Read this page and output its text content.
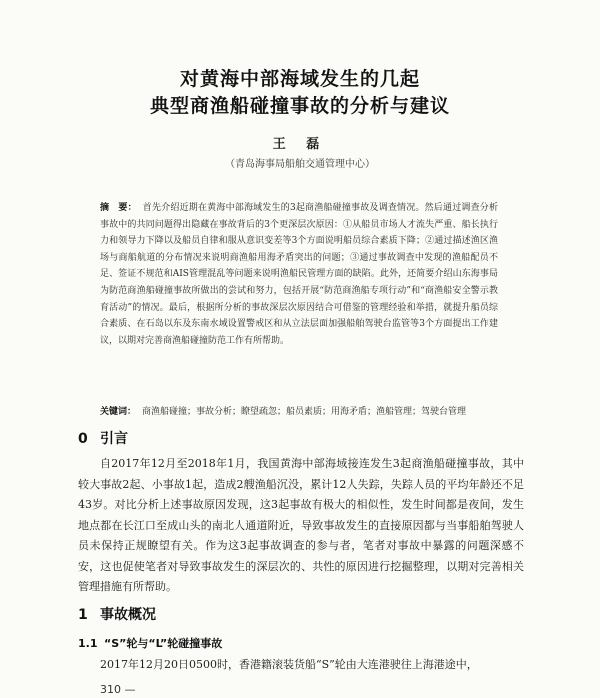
对黄海中部海域发生的几起
典型商渔船碰撞事故的分析与建议
王 磊
（青岛海事局船舶交通管理中心）
摘　要： 首先介绍近期在黄海中部海域发生的3起商渔船碰撞事故及调查情况。然后通过调查分析事故中的共同问题得出隐藏在事故背后的3个更深层次原因：①从船员市场人才流失严重、船长执行力和领导力下降以及船员自律和服从意识变差等3个方面说明船员综合素质下降；②通过描述渔区渔场与商船航道的分布情况来说明商渔船用海矛盾突出的问题；③通过事故调查中发现的渔船配员不足、签证不规范和AIS管理混乱等问题来说明渔船民管理方面的缺陷。此外，还简要介绍山东海事局为防范商渔船碰撞事故所做出的尝试和努力，包括开展“防范商渔船专项行动”和“商渔船安全警示教育活动”的情况。最后，根据所分析的事故深层次原因结合可借鉴的管理经验和举措，就提升船员综合素质、在石岛以东及东南水域设置警戒区和从立法层面加强船舶驾驶台监管等3个方面提出工作建议，以期对完善商渔船碰撞防范工作有所帮助。
关键词： 商渔船碰撞；事故分析；瞭望疏忽；船员素质；用海矛盾；渔船管理；驾驶台管理
0 引言
自2017年12月至2018年1月，我国黄海中部海域接连发生3起商渔船碰撞事故，其中较大事故2起、小事故1起，造成2艘渔船沉没，累计12人失踪，失踪人员的平均年龄还不足43岁。对比分析上述事故原因发现，这3起事故有极大的相似性，发生时间都是夜间，发生地点都在长江口至成山头的南北人通道附近，导致事故发生的直接原因都与当事船舶驾驶人员未保持正规瞭望有关。作为这3起事故调查的参与者，笔者对事故中暴露的问题深感不安，这也促使笔者对导致事故发生的深层次的、共性的原因进行挖掘整理，以期对完善相关管理措施有所帮助。
1 事故概况
1.1 “S”轮与“L”轮碰撞事故
2017年12月20日0500时，香港籍滚装货船“S”轮由大连港驶往上海港途中，
310 —
